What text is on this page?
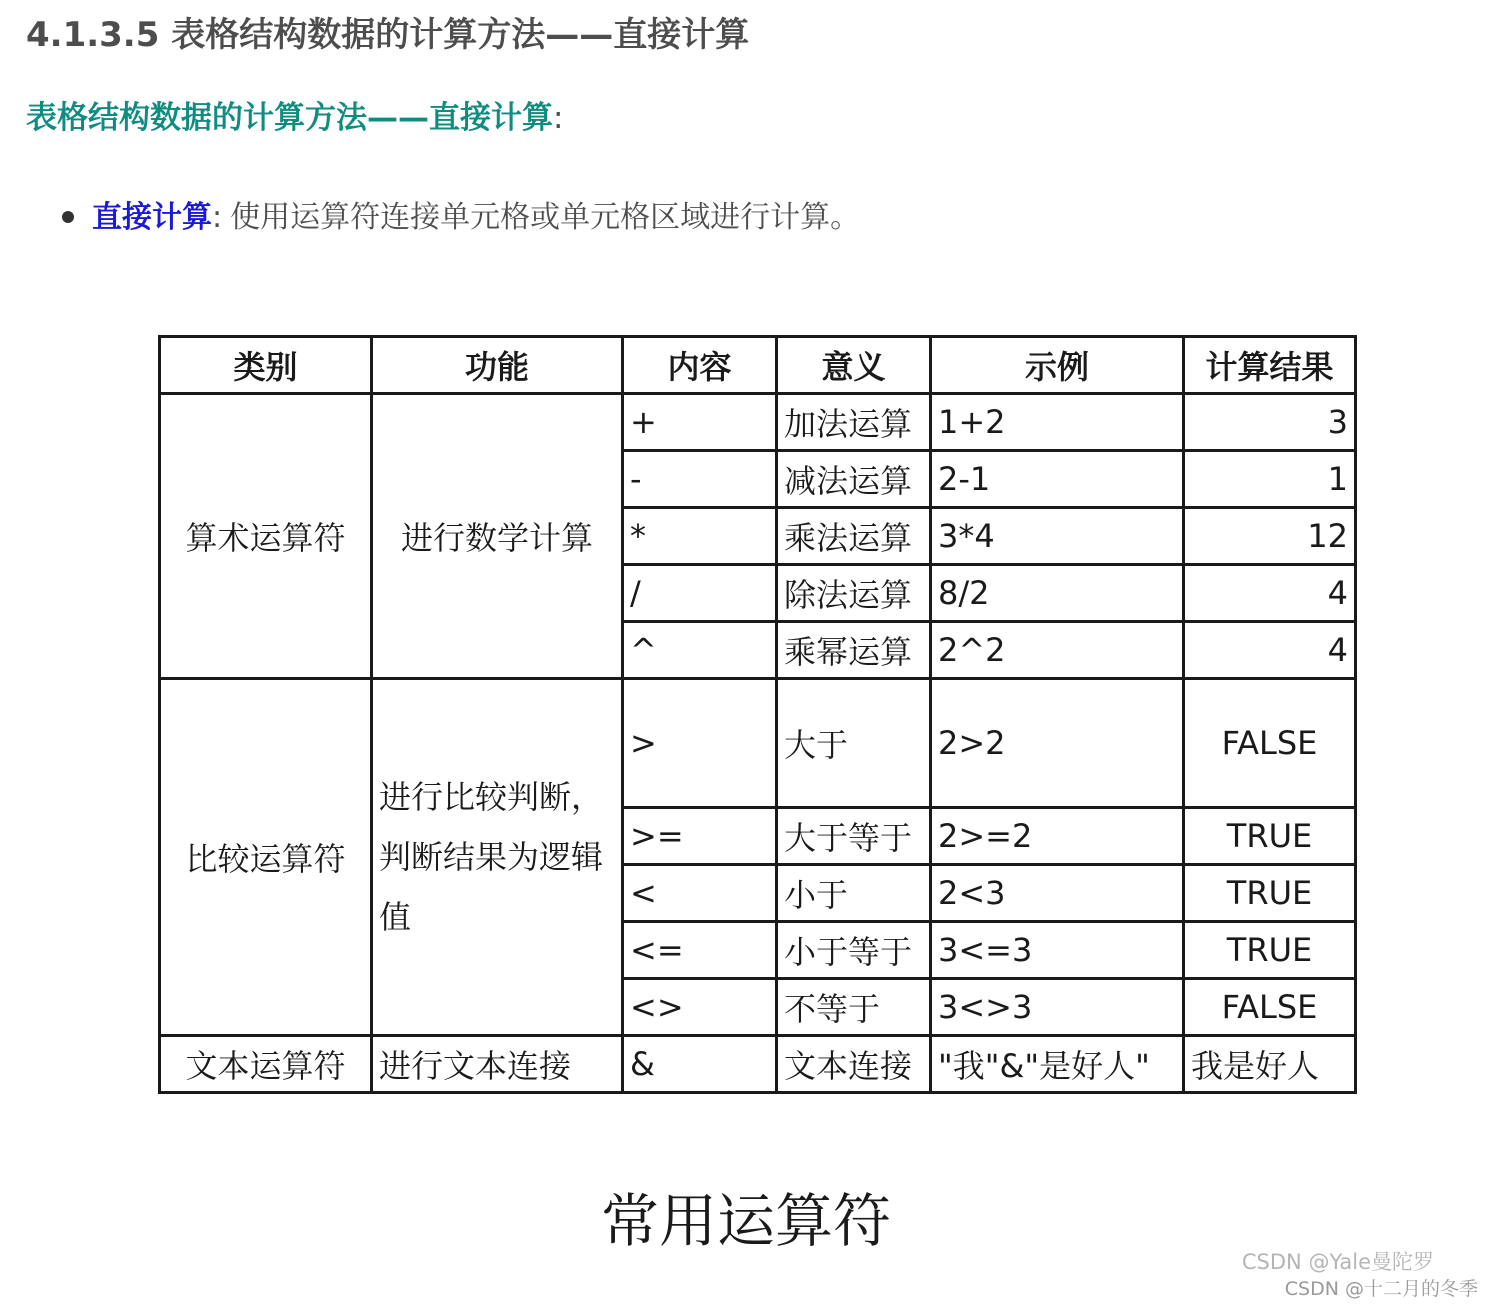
4.1.3.5 表格结构数据的计算方法——直接计算

表格结构数据的计算方法——直接计算:

直接计算: 使用运算符连接单元格或单元格区域进行计算。
类别	功能	内容	意义	示例	计算结果
算术运算符	进行数学计算	+	加法运算	1+2	3
		-	减法运算	2-1	1
		*	乘法运算	3*4	12
		/	除法运算	8/2	4
		^	乘幂运算	2^2	4
比较运算符	进行比较判断，判断结果为逻辑值	>	大于	2>2	FALSE
		>=	大于等于	2>=2	TRUE
		<	小于	2<3	TRUE
		<=	小于等于	3<=3	TRUE
		<>	不等于	3<>3	FALSE
文本运算符	进行文本连接	&	文本连接	"我"&"是好人"	我是好人

常用运算符

CSDN @Yale曼陀罗
CSDN @十二月的冬季
